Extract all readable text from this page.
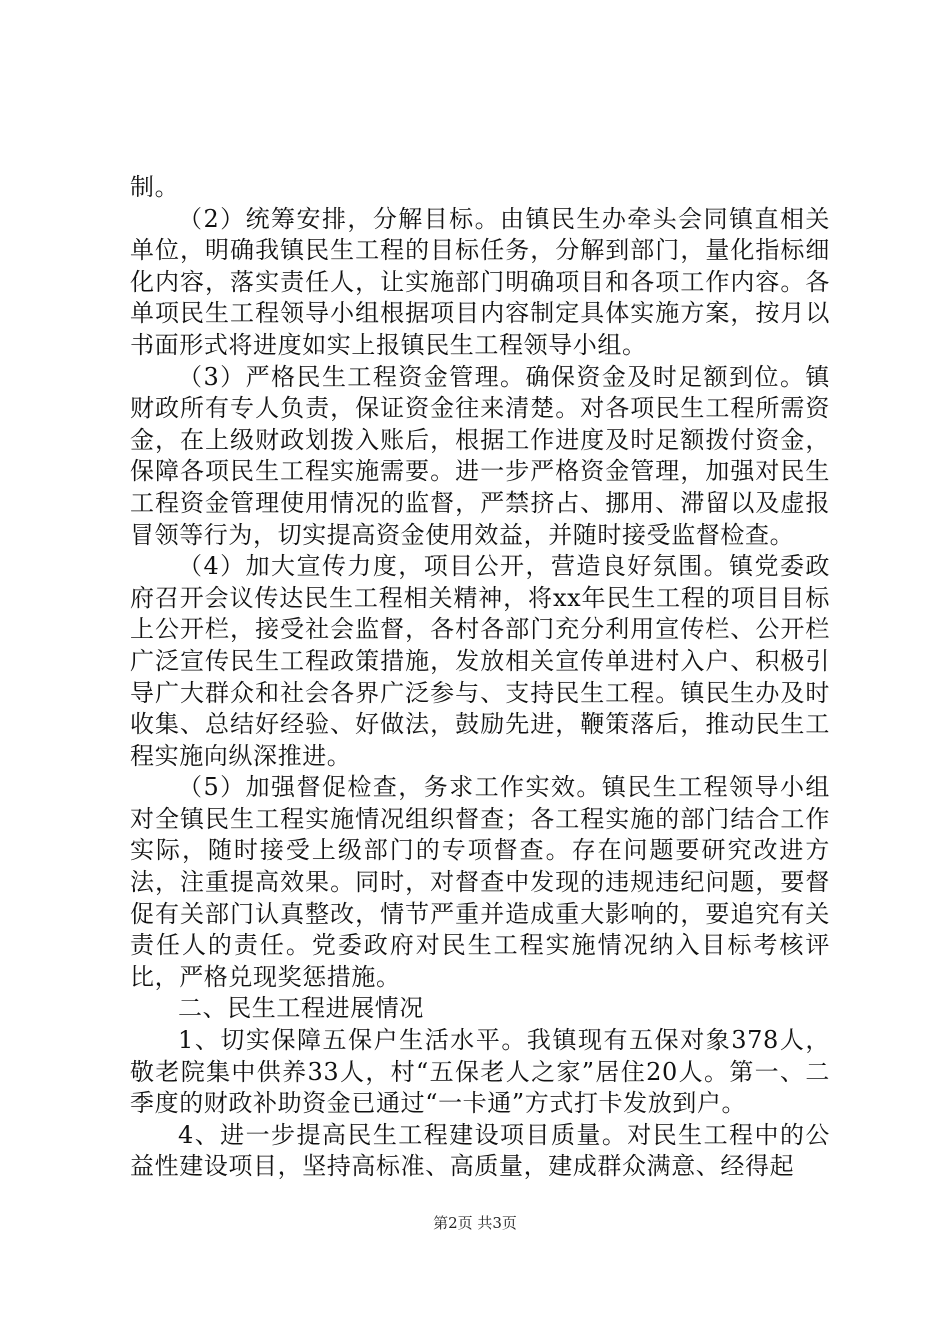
制。

（2）统筹安排，分解目标。由镇民生办牵头会同镇直相关单位，明确我镇民生工程的目标任务，分解到部门，量化指标细化内容，落实责任人，让实施部门明确项目和各项工作内容。各单项民生工程领导小组根据项目内容制定具体实施方案，按月以书面形式将进度如实上报镇民生工程领导小组。

（3）严格民生工程资金管理。确保资金及时足额到位。镇财政所有专人负责，保证资金往来清楚。对各项民生工程所需资金，在上级财政划拨入账后，根据工作进度及时足额拨付资金，保障各项民生工程实施需要。进一步严格资金管理，加强对民生工程资金管理使用情况的监督，严禁挤占、挪用、滞留以及虚报冒领等行为，切实提高资金使用效益，并随时接受监督检查。

（4）加大宣传力度，项目公开，营造良好氛围。镇党委政府召开会议传达民生工程相关精神，将xx年民生工程的项目目标上公开栏，接受社会监督，各村各部门充分利用宣传栏、公开栏广泛宣传民生工程政策措施，发放相关宣传单进村入户、积极引导广大群众和社会各界广泛参与、支持民生工程。镇民生办及时收集、总结好经验、好做法，鼓励先进，鞭策落后，推动民生工程实施向纵深推进。

（5）加强督促检查，务求工作实效。镇民生工程领导小组对全镇民生工程实施情况组织督查；各工程实施的部门结合工作实际，随时接受上级部门的专项督查。存在问题要研究改进方法，注重提高效果。同时，对督查中发现的违规违纪问题，要督促有关部门认真整改，情节严重并造成重大影响的，要追究有关责任人的责任。党委政府对民生工程实施情况纳入目标考核评比，严格兑现奖惩措施。

二、民生工程进展情况

1、切实保障五保户生活水平。我镇现有五保对象378人，敬老院集中供养33人，村“五保老人之家”居住20人。第一、二季度的财政补助资金已通过“一卡通”方式打卡发放到户。

4、进一步提高民生工程建设项目质量。对民生工程中的公益性建设项目，坚持高标准、高质量，建成群众满意、经得起

第2页 共3页
